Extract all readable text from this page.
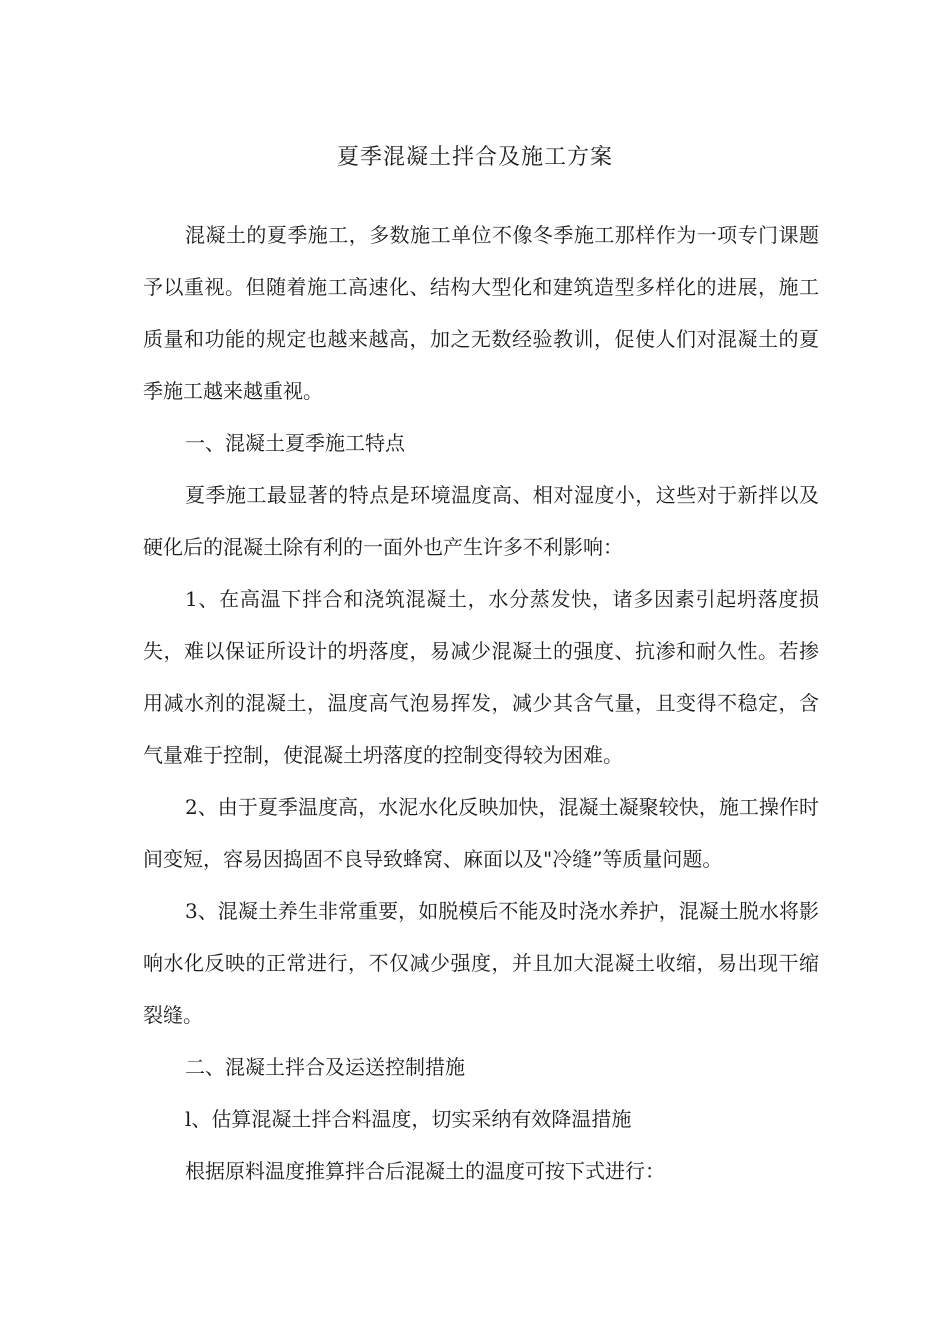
夏季混凝土拌合及施工方案

混凝土的夏季施工，多数施工单位不像冬季施工那样作为一项专门课题予以重视。但随着施工高速化、结构大型化和建筑造型多样化的进展，施工质量和功能的规定也越来越高，加之无数经验教训，促使人们对混凝土的夏季施工越来越重视。

一、混凝土夏季施工特点

夏季施工最显著的特点是环境温度高、相对湿度小，这些对于新拌以及硬化后的混凝土除有利的一面外也产生许多不利影响：

1、在高温下拌合和浇筑混凝土，水分蒸发快，诸多因素引起坍落度损失，难以保证所设计的坍落度，易减少混凝土的强度、抗渗和耐久性。若掺用减水剂的混凝土，温度高气泡易挥发，减少其含气量，且变得不稳定，含气量难于控制，使混凝土坍落度的控制变得较为困难。

2、由于夏季温度高，水泥水化反映加快，混凝土凝聚较快，施工操作时间变短，容易因捣固不良导致蜂窝、麻面以及"冷缝”等质量问题。

3、混凝土养生非常重要，如脱模后不能及时浇水养护，混凝土脱水将影响水化反映的正常进行，不仅减少强度，并且加大混凝土收缩，易出现干缩裂缝。

二、混凝土拌合及运送控制措施

l、估算混凝土拌合料温度，切实采纳有效降温措施

根据原料温度推算拌合后混凝土的温度可按下式进行：
